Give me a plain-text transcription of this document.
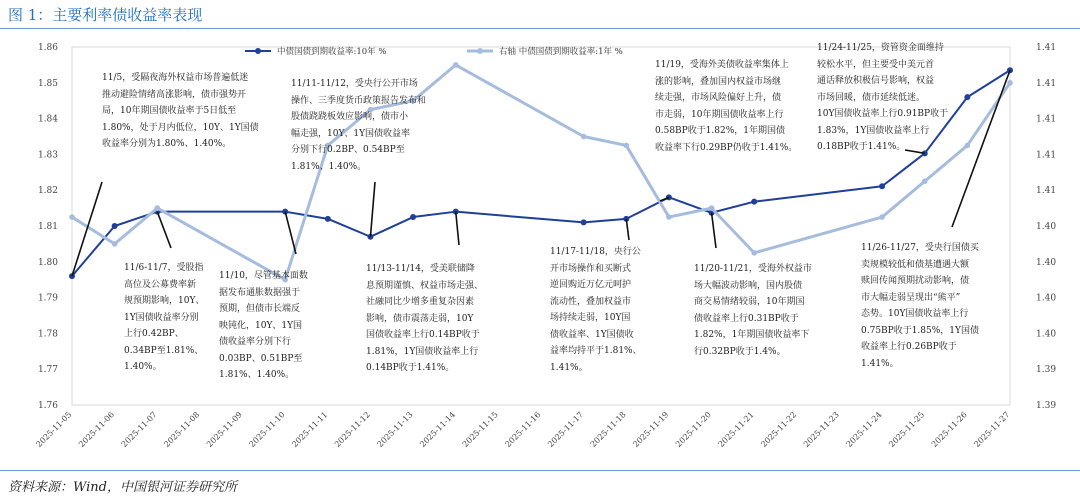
图 1：主要利率债收益率表现
1.86
1.85
1.84
1.83
1.82
1.81
1.80
1.79
1.78
1.77
1.76
1.41
1.41
1.41
1.41
1.41
1.40
1.40
1.40
1.40
1.39
1.39
2025-11-05 2025-11-06 2025-11-07 2025-11-08 2025-11-09 2025-11-10 2025-11-11 2025-11-12 2025-11-13 2025-11-14 2025-11-15 2025-11-16 2025-11-17 2025-11-18 2025-11-19 2025-11-20 2025-11-21 2025-11-22 2025-11-23 2025-11-24 2025-11-25 2025-11-26 2025-11-27
中债国债到期收益率:10年 %	右轴 中债国债到期收益率:1年 %
11/5，受隔夜海外权益市场普遍低迷
推动避险情绪高涨影响，债市强势开
局，10年期国债收益率于5日低至
1.80%，处于月内低位，10Y、1Y国债
收益率分别为1.80%、1.40%。
11/6-11/7，受股指
高位及公募费率新
规预期影响，10Y、
1Y国债收益率分别
上行0.42BP、
0.34BP至1.81%、
1.40%。
11/10，尽管基本面数
据发布通胀数据强于
预期，但债市长端反
映钝化，10Y、1Y国
债收益率分别下行
0.03BP、0.51BP至
1.81%、1.40%。
11/11-11/12，受央行公开市场
操作、三季度货币政策报告发布和
股债跷跷板效应影响，债市小
幅走强，10Y、1Y国债收益率
分别下行0.2BP、0.54BP至
1.81%、1.40%。
11/13-11/14，受美联储降
息预期谨慎、权益市场走强、
社融同比少增多重复杂因素
影响，债市震荡走弱，10Y
国债收益率上行0.14BP收于
1.81%，1Y国债收益率上行
0.14BP收于1.41%。
11/17-11/18，央行公
开市场操作和买断式
逆回购近万亿元呵护
流动性，叠加权益市
场持续走弱，10Y国
债收益率、1Y国债收
益率均持平于1.81%、
1.41%。
11/19，受海外美债收益率集体上
涨的影响，叠加国内权益市场继
续走强，市场风险偏好上升，债
市走弱，10年期国债收益率上行
0.58BP收于1.82%，1年期国债
收益率下行0.29BP仍收于1.41%。
11/20-11/21，受海外权益市
场大幅波动影响，国内股债
商交易情绪较弱，10年期国
债收益率上行0.31BP收于
1.82%，1年期国债收益率下
行0.32BP收于1.4%。
11/24-11/25，资管资金面维持
较松水平，但主要受中美元首
通话释放积极信号影响，权益
市场回暖，债市延续低迷。
10Y国债收益率上行0.91BP收于
1.83%，1Y国债收益率上行
0.18BP收于1.41%。
11/26-11/27，受央行国债买
卖规模较低和债基遭遇大额
赎回传闻预期扰动影响，债
市大幅走弱呈现出“熊平”
态势。10Y国债收益率上行
0.75BP收于1.85%，1Y国债
收益率上行0.26BP收于
1.41%。
资料来源：Wind，中国银河证券研究所
